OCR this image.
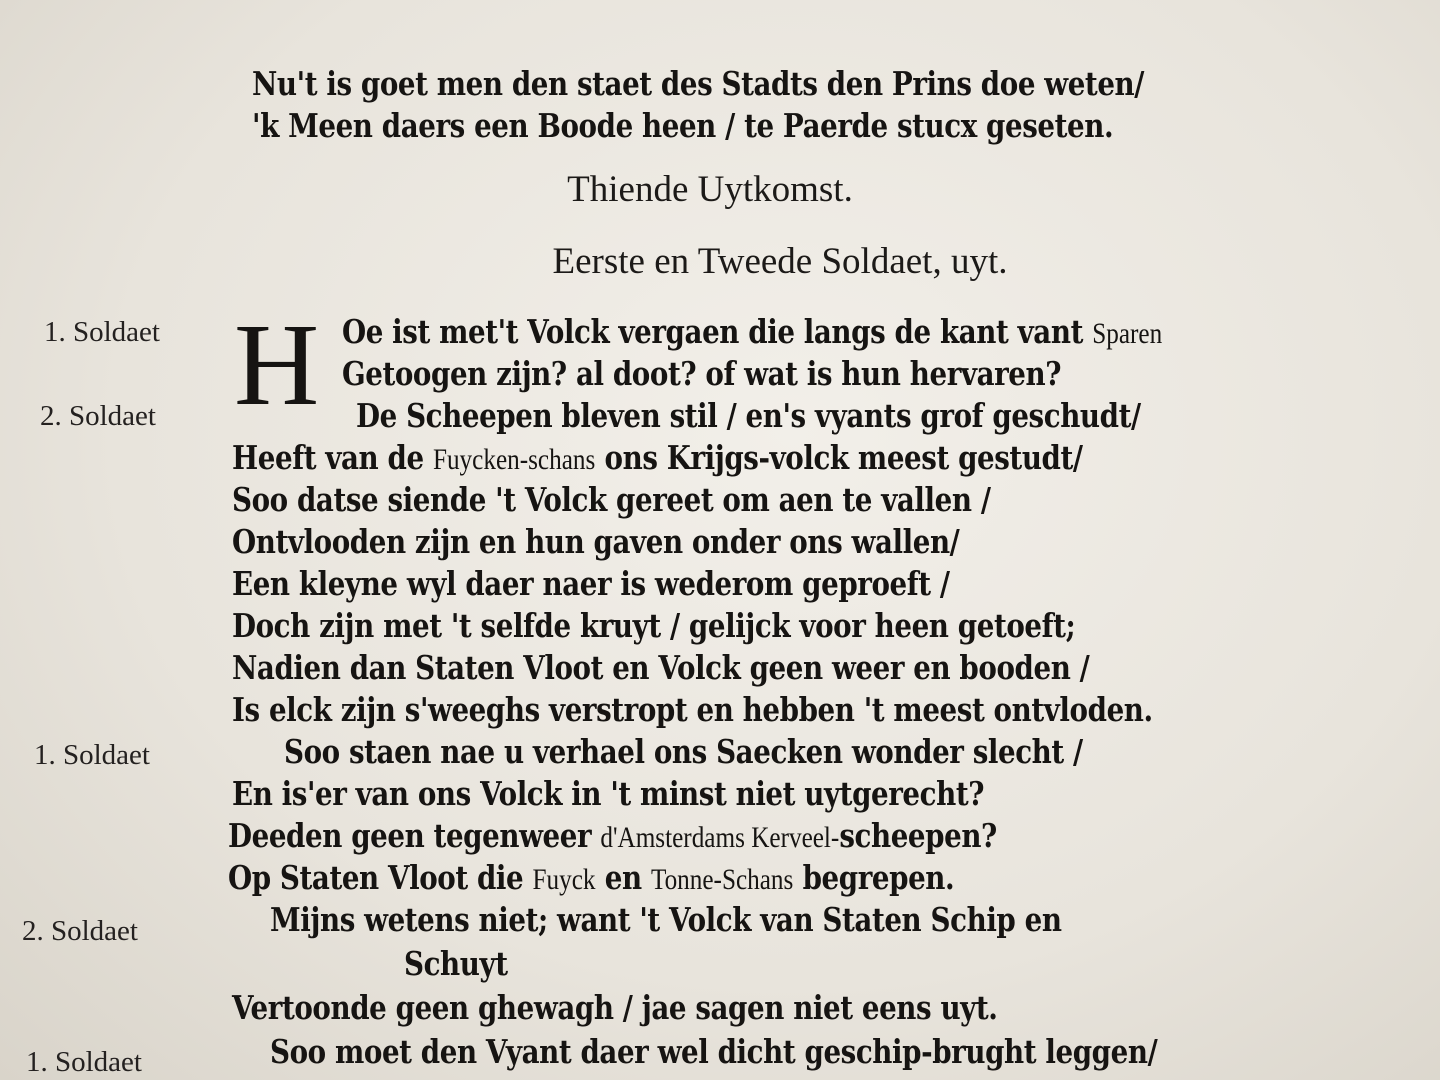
Nu't is goet men den staet des Stadts den Prins doe weten/
'k Meen daers een Boode heen / te Paerde stucx geseten.
Thiende Uytkomst.
Eerste en Tweede Soldaet, uyt.
1. Soldaet
2. Soldaet
1. Soldaet
2. Soldaet
1. Soldaet
H Oe ist met't Volck vergaen die langs de kant vant Sparen
Getoogen zijn? al doot? of wat is hun hervaren?
De Scheepen bleven stil / en's vyants grof geschudt/
Heeft van de Fuycken-schans ons Krijgs-volck meest gestudt/
Soo datse siende 't Volck gereet om aen te vallen /
Ontvlooden zijn en hun gaven onder ons wallen/
Een kleyne wyl daer naer is wederom geproeft /
Doch zijn met 't selfde kruyt / gelijck voor heen getoeft;
Nadien dan Staten Vloot en Volck geen weer en booden /
Is elck zijn s'weeghs verstropt en hebben 't meest ontvloden.
Soo staen nae u verhael ons Saecken wonder slecht /
En is'er van ons Volck in 't minst niet uytgerecht?
Deeden geen tegenweer d'Amsterdams Kerveel-scheepen?
Op Staten Vloot die Fuyck en Tonne-Schans begrepen.
Mijns wetens niet; want 't Volck van Staten Schip en
Schuyt
Vertoonde geen ghewagh / jae sagen niet eens uyt.
Soo moet den Vyant daer wel dicht geschip-brught leggen/
